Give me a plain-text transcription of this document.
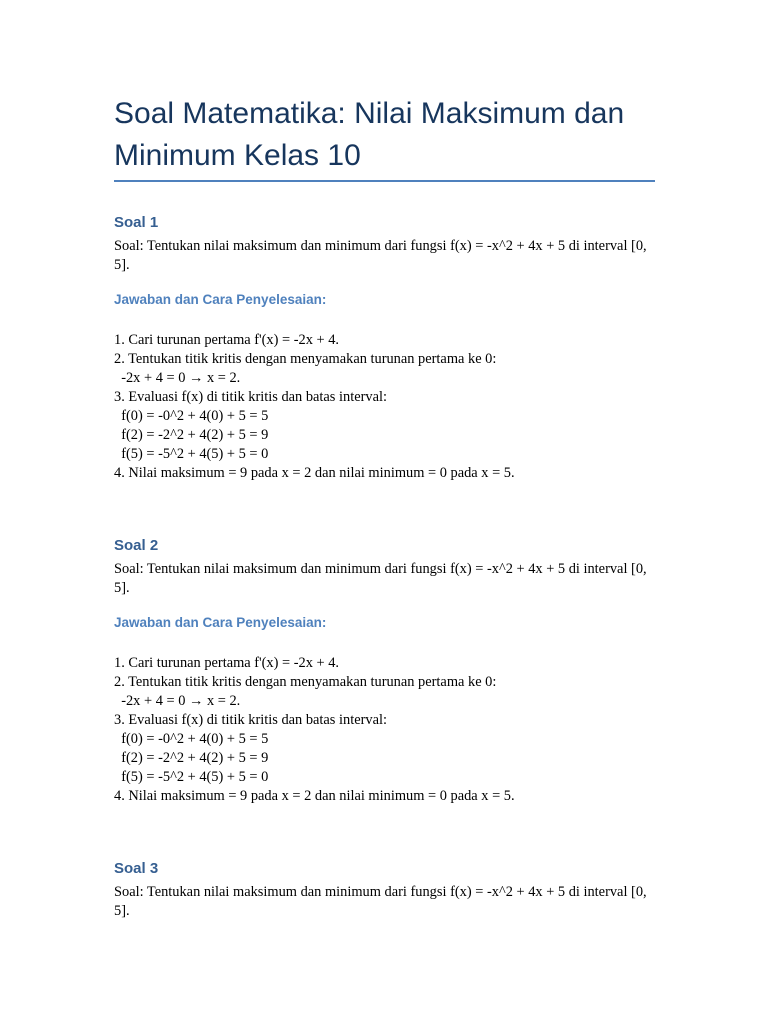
Soal Matematika: Nilai Maksimum dan Minimum Kelas 10
Soal 1

Soal: Tentukan nilai maksimum dan minimum dari fungsi f(x) = -x^2 + 4x + 5 di interval [0, 5].

Jawaban dan Cara Penyelesaian:
1. Cari turunan pertama f'(x) = -2x + 4.
2. Tentukan titik kritis dengan menyamakan turunan pertama ke 0:
-2x + 4 = 0 → x = 2.
3. Evaluasi f(x) di titik kritis dan batas interval:
f(0) = -0^2 + 4(0) + 5 = 5
f(2) = -2^2 + 4(2) + 5 = 9
f(5) = -5^2 + 4(5) + 5 = 0
4. Nilai maksimum = 9 pada x = 2 dan nilai minimum = 0 pada x = 5.
Soal 2

Soal: Tentukan nilai maksimum dan minimum dari fungsi f(x) = -x^2 + 4x + 5 di interval [0, 5].

Jawaban dan Cara Penyelesaian:
1. Cari turunan pertama f'(x) = -2x + 4.
2. Tentukan titik kritis dengan menyamakan turunan pertama ke 0:
-2x + 4 = 0 → x = 2.
3. Evaluasi f(x) di titik kritis dan batas interval:
f(0) = -0^2 + 4(0) + 5 = 5
f(2) = -2^2 + 4(2) + 5 = 9
f(5) = -5^2 + 4(5) + 5 = 0
4. Nilai maksimum = 9 pada x = 2 dan nilai minimum = 0 pada x = 5.
Soal 3

Soal: Tentukan nilai maksimum dan minimum dari fungsi f(x) = -x^2 + 4x + 5 di interval [0, 5].
